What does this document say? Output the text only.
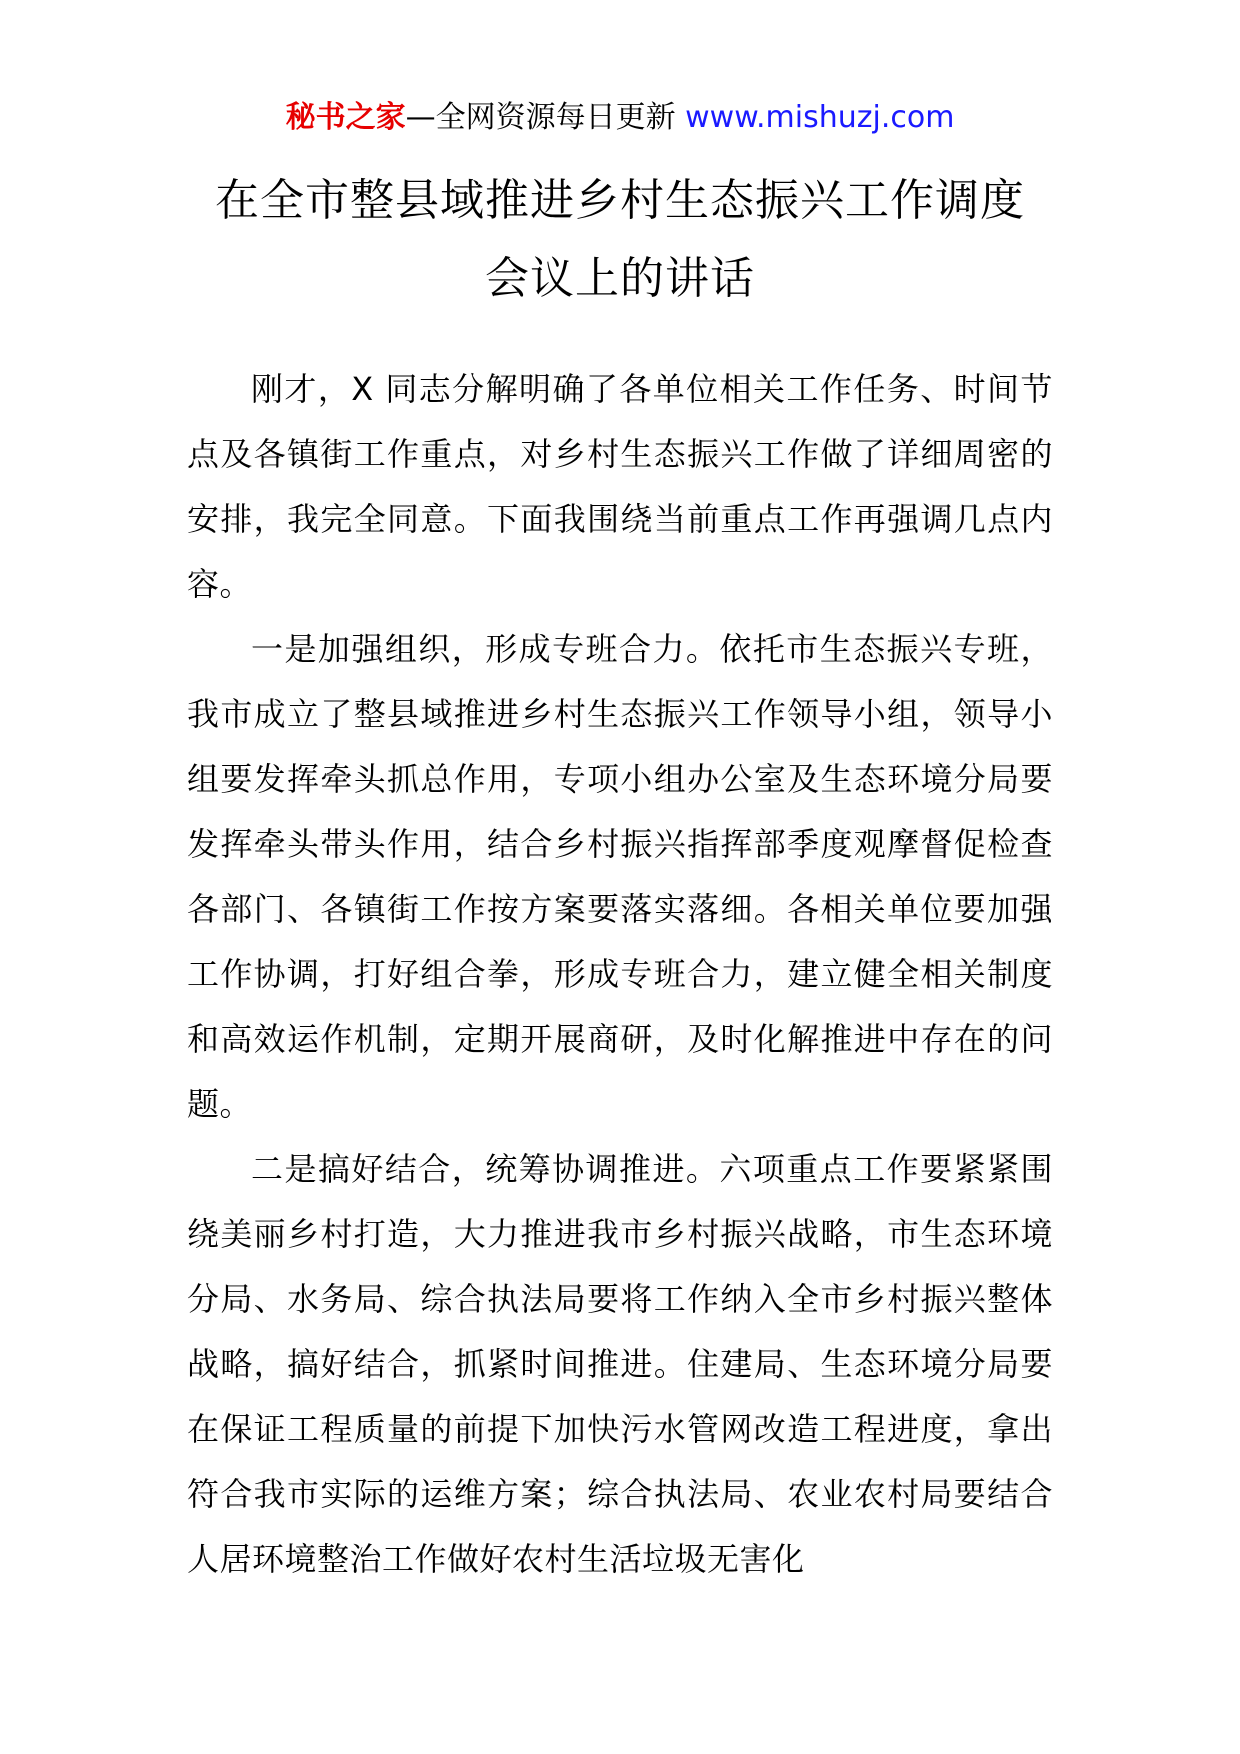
秘书之家—全网资源每日更新 www.mishuzj.com
在全市整县域推进乡村生态振兴工作调度
会议上的讲话

刚才，X 同志分解明确了各单位相关工作任务、时间节点及各镇街工作重点，对乡村生态振兴工作做了详细周密的安排，我完全同意。下面我围绕当前重点工作再强调几点内容。

一是加强组织，形成专班合力。依托市生态振兴专班，我市成立了整县域推进乡村生态振兴工作领导小组，领导小组要发挥牵头抓总作用，专项小组办公室及生态环境分局要发挥牵头带头作用，结合乡村振兴指挥部季度观摩督促检查各部门、各镇街工作按方案要落实落细。各相关单位要加强工作协调，打好组合拳，形成专班合力，建立健全相关制度和高效运作机制，定期开展商研，及时化解推进中存在的问题。

二是搞好结合，统筹协调推进。六项重点工作要紧紧围绕美丽乡村打造，大力推进我市乡村振兴战略，市生态环境分局、水务局、综合执法局要将工作纳入全市乡村振兴整体战略，搞好结合，抓紧时间推进。住建局、生态环境分局要在保证工程质量的前提下加快污水管网改造工程进度，拿出符合我市实际的运维方案；综合执法局、农业农村局要结合人居环境整治工作做好农村生活垃圾无害化
